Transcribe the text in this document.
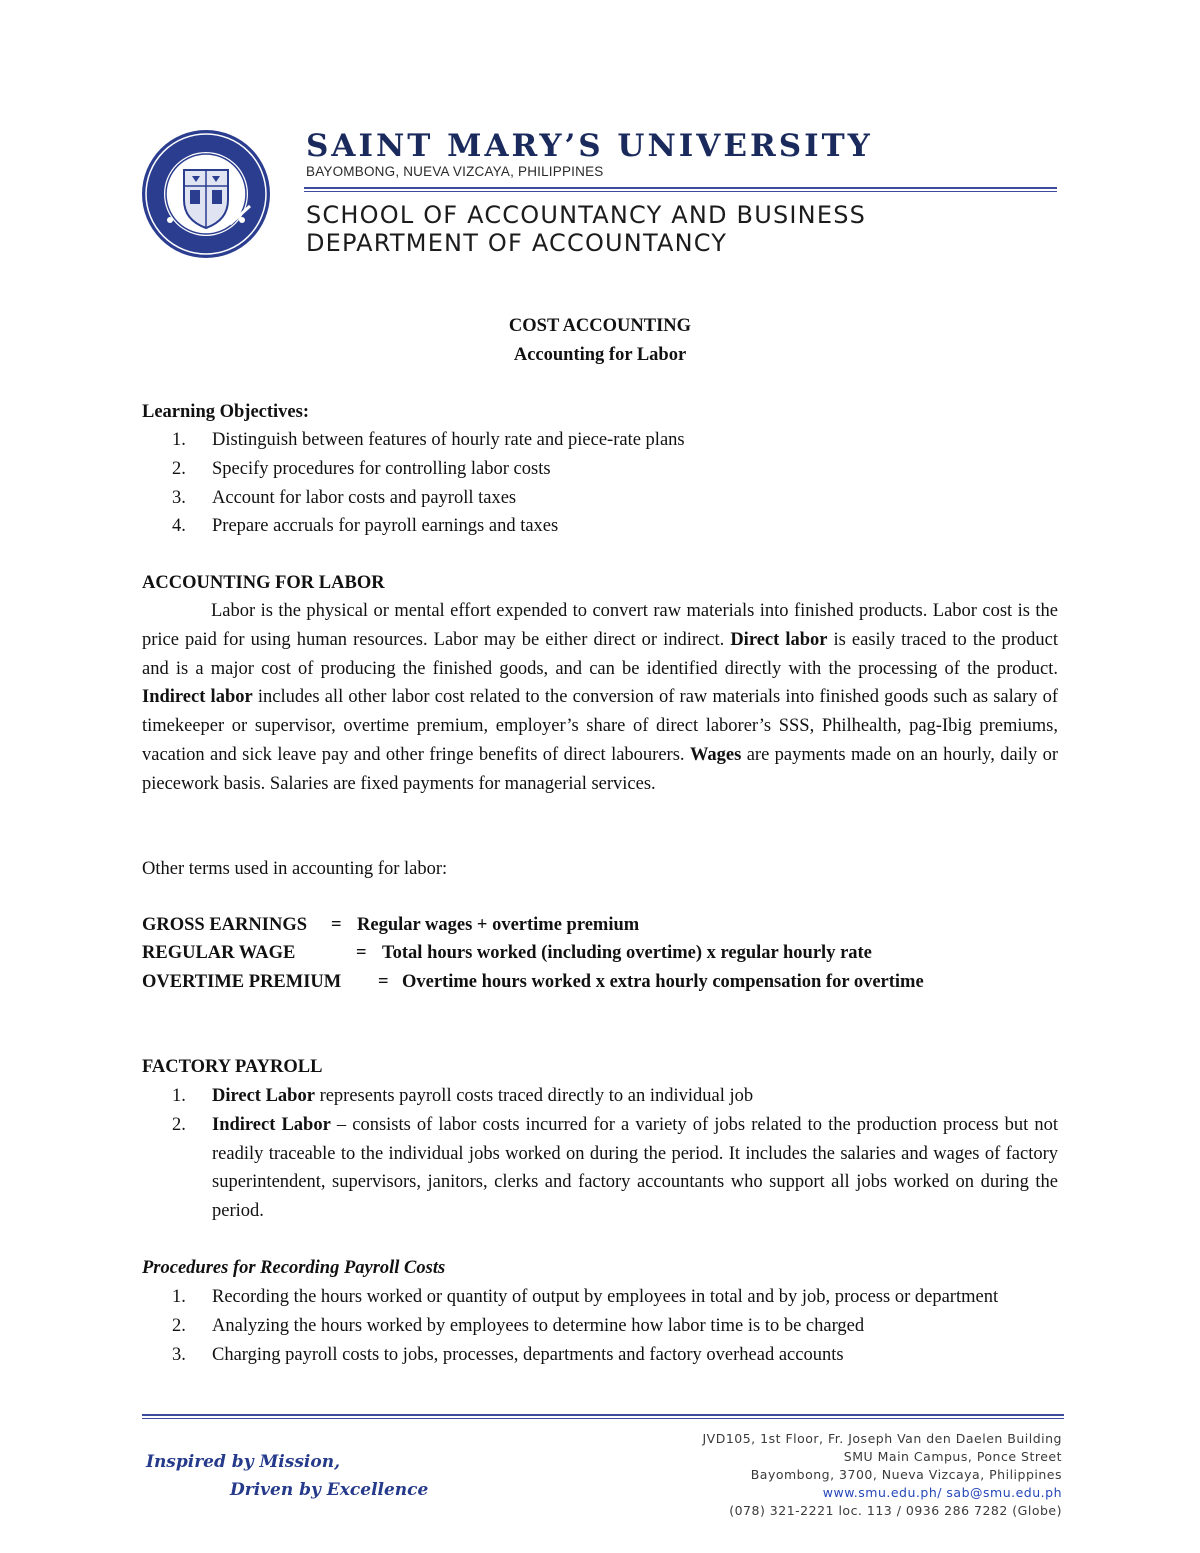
SAINT MARY’S UNIVERSITY
BAYOMBONG, NUEVA VIZCAYA, PHILIPPINES
SCHOOL OF ACCOUNTANCY AND BUSINESS
DEPARTMENT OF ACCOUNTANCY
COST ACCOUNTING
Accounting for Labor
Learning Objectives:
1. Distinguish between features of hourly rate and piece-rate plans
2. Specify procedures for controlling labor costs
3. Account for labor costs and payroll taxes
4. Prepare accruals for payroll earnings and taxes
ACCOUNTING FOR LABOR
Labor is the physical or mental effort expended to convert raw materials into finished products. Labor cost is the price paid for using human resources. Labor may be either direct or indirect. Direct labor is easily traced to the product and is a major cost of producing the finished goods, and can be identified directly with the processing of the product. Indirect labor includes all other labor cost related to the conversion of raw materials into finished goods such as salary of timekeeper or supervisor, overtime premium, employer’s share of direct laborer’s SSS, Philhealth, pag-Ibig premiums, vacation and sick leave pay and other fringe benefits of direct labourers. Wages are payments made on an hourly, daily or piecework basis. Salaries are fixed payments for managerial services.
Other terms used in accounting for labor:
GROSS EARNINGS = Regular wages + overtime premium
REGULAR WAGE	= Total hours worked (including overtime) x regular hourly rate
OVERTIME PREMIUM = Overtime hours worked x extra hourly compensation for overtime
FACTORY PAYROLL
1. Direct Labor represents payroll costs traced directly to an individual job
2. Indirect Labor – consists of labor costs incurred for a variety of jobs related to the production process but not readily traceable to the individual jobs worked on during the period. It includes the salaries and wages of factory superintendent, supervisors, janitors, clerks and factory accountants who support all jobs worked on during the period.
Procedures for Recording Payroll Costs
1. Recording the hours worked or quantity of output by employees in total and by job, process or department
2. Analyzing the hours worked by employees to determine how labor time is to be charged
3. Charging payroll costs to jobs, processes, departments and factory overhead accounts
Inspired by Mission,
Driven by Excellence
JVD105, 1st Floor, Fr. Joseph Van den Daelen Building
SMU Main Campus, Ponce Street
Bayombong, 3700, Nueva Vizcaya, Philippines
www.smu.edu.ph/ sab@smu.edu.ph
(078) 321-2221 loc. 113 / 0936 286 7282 (Globe)
